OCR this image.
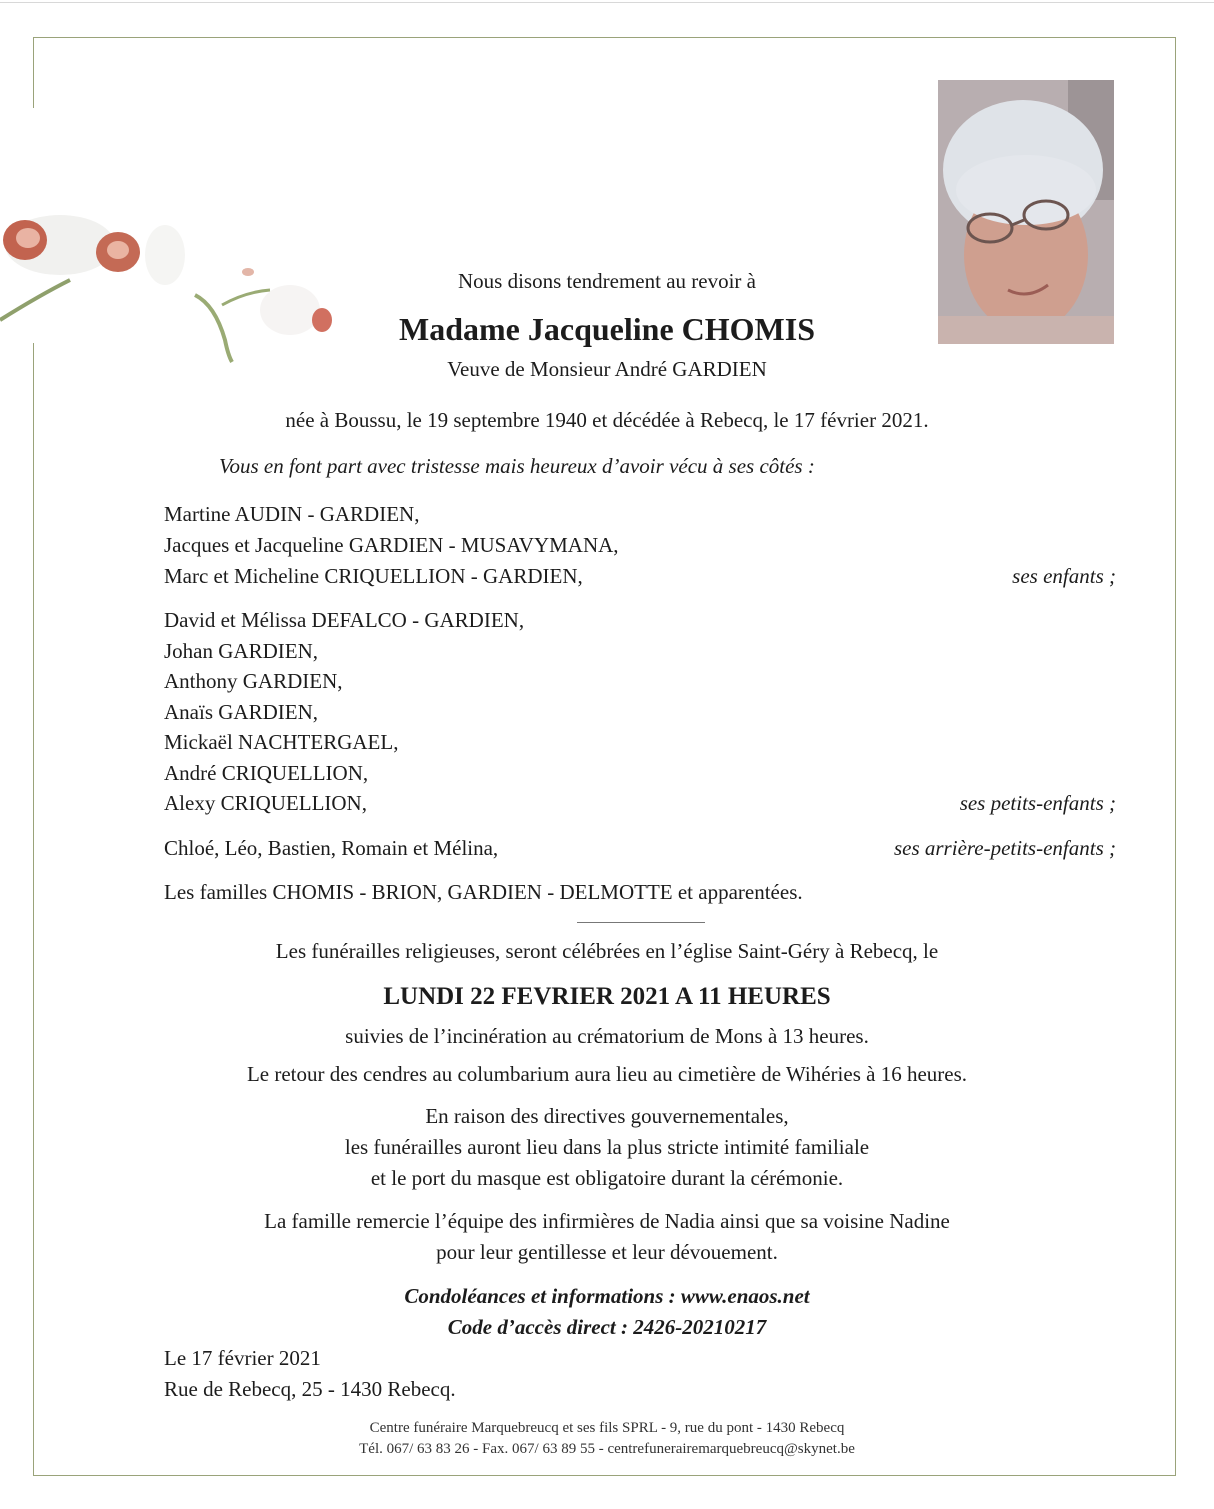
Nous disons tendrement au revoir à
Madame Jacqueline CHOMIS
Veuve de Monsieur André GARDIEN
née à Boussu, le 19 septembre 1940 et décédée à Rebecq, le 17 février 2021.
Vous en font part avec tristesse mais heureux d’avoir vécu à ses côtés :
Martine AUDIN - GARDIEN,
Jacques et Jacqueline GARDIEN - MUSAVYMANA,
Marc et Micheline CRIQUELLION - GARDIEN,	ses enfants ;
David et Mélissa DEFALCO - GARDIEN,
Johan GARDIEN,
Anthony GARDIEN,
Anaïs GARDIEN,
Mickaël NACHTERGAEL,
André CRIQUELLION,
Alexy CRIQUELLION,	ses petits-enfants ;
Chloé, Léo, Bastien, Romain et Mélina,	ses arrière-petits-enfants ;
Les familles CHOMIS - BRION, GARDIEN - DELMOTTE et apparentées.
Les funérailles religieuses, seront célébrées en l’église Saint-Géry à Rebecq, le
LUNDI 22 FEVRIER 2021 A 11 HEURES
suivies de l’incinération au crématorium de Mons à 13 heures.
Le retour des cendres au columbarium aura lieu au cimetière de Wihéries à 16 heures.
En raison des directives gouvernementales,
les funérailles auront lieu dans la plus stricte intimité familiale
et le port du masque est obligatoire durant la cérémonie.
La famille remercie l’équipe des infirmières de Nadia ainsi que sa voisine Nadine
pour leur gentillesse et leur dévouement.
Condoléances et informations : www.enaos.net
Code d’accès direct : 2426-20210217
Le 17 février 2021
Rue de Rebecq, 25 - 1430 Rebecq.
Centre funéraire Marquebreucq et ses fils SPRL - 9, rue du pont - 1430 Rebecq
Tél. 067/ 63 83 26 - Fax. 067/ 63 89 55 - centrefunerairemarquebreucq@skynet.be
